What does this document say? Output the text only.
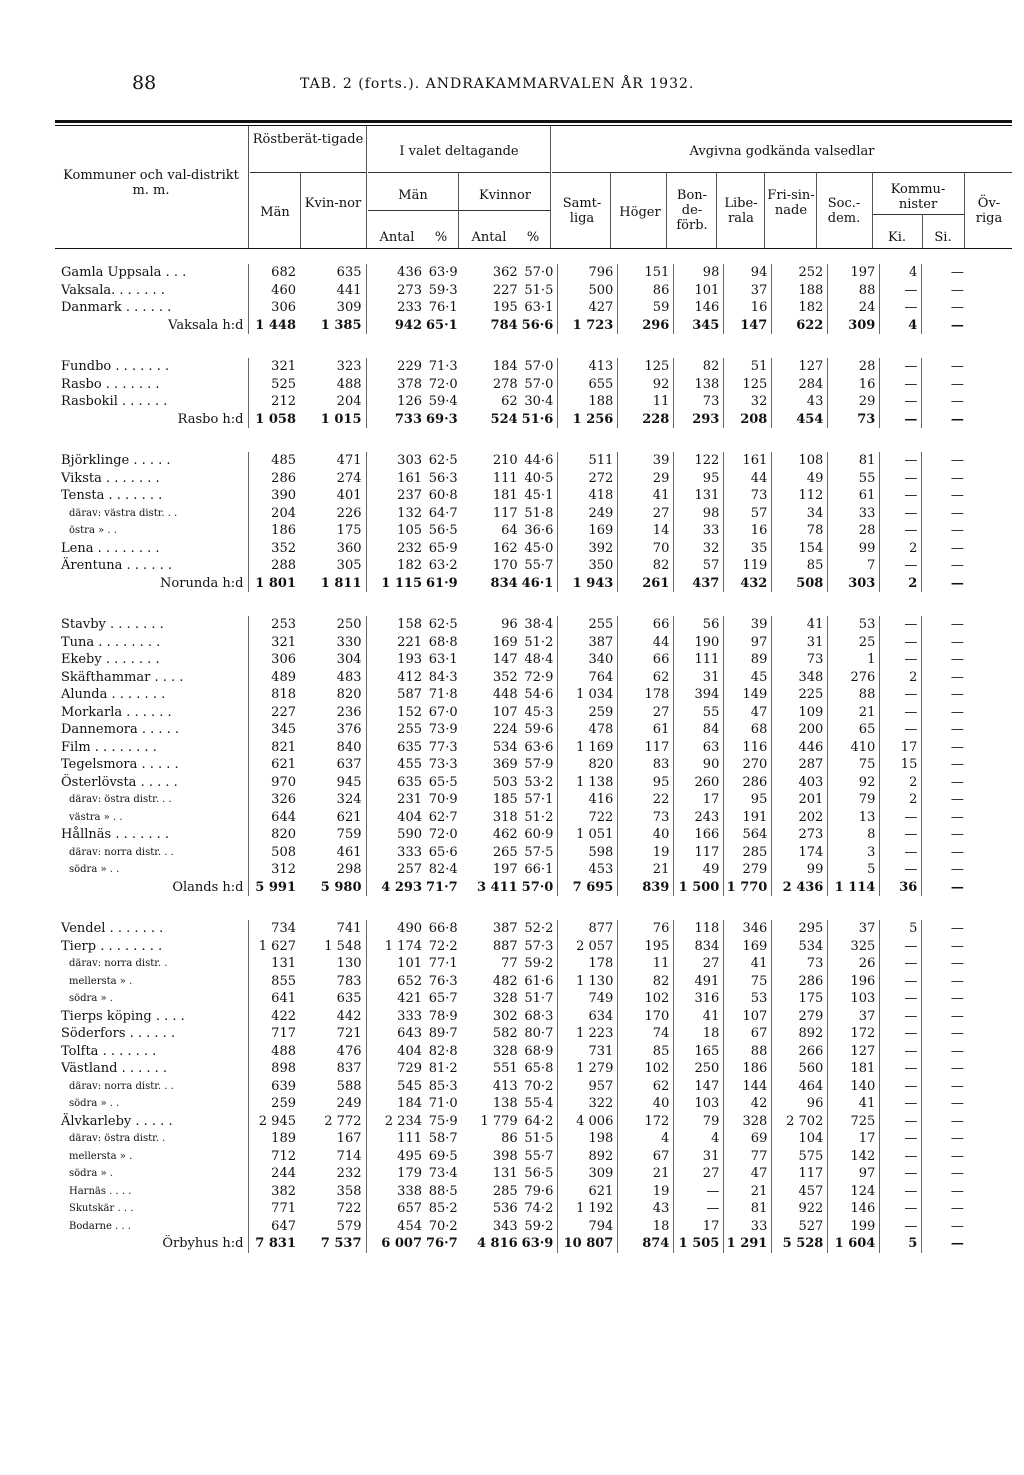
88	TAB. 2 (forts.). ANDRAKAMMARVALEN ÅR 1932.
Kommuner och val-distrikt m. m.
Röstberät-tigade
Män
Kvin-nor
I valet deltagande
Män	Kvinnor
Antal	%	Antal	%
Avgivna godkända valsedlar
Samt-liga	Höger
Bon-de-förb.
Libe-rala
Fri-sin-nade	Soc.-dem.
Kommu-nister
Ki.	Si.
Öv-riga
Gamla Uppsala . . .	682	635	436	63·9	362	57·0	796	151	98	94	252	197	4	—
Vaksala. . . . . . .	460	441	273	59·3	227	51·5	500	86	101	37	188	88	—	—
Danmark . . . . . .	306	309	233	76·1	195	63·1	427	59	146	16	182	24	—	—
Vaksala h:d	1 448	1 385	942	65·1	784	56·6	1 723	296	345	147	622	309	4	—

Fundbo . . . . . . .	321	323	229	71·3	184	57·0	413	125	82	51	127	28	—	—
Rasbo . . . . . . .	525	488	378	72·0	278	57·0	655	92	138	125	284	16	—	—
Rasbokil . . . . . .	212	204	126	59·4	62	30·4	188	11	73	32	43	29	—	—
Rasbo h:d	1 058	1 015	733	69·3	524	51·6	1 256	228	293	208	454	73	—	—

Björklinge . . . . .	485	471	303	62·5	210	44·6	511	39	122	161	108	81	—	—
Viksta . . . . . . .	286	274	161	56·3	111	40·5	272	29	95	44	49	55	—	—
Tensta . . . . . . .	390	401	237	60·8	181	45·1	418	41	131	73	112	61	—	—
därav: västra distr. . .	204	226	132	64·7	117	51·8	249	27	98	57	34	33	—	—
östra » . .	186	175	105	56·5	64	36·6	169	14	33	16	78	28	—	—
Lena . . . . . . . .	352	360	232	65·9	162	45·0	392	70	32	35	154	99	2	—
Ärentuna . . . . . .	288	305	182	63·2	170	55·7	350	82	57	119	85	7	—	—
Norunda h:d	1 801	1 811	1 115	61·9	834	46·1	1 943	261	437	432	508	303	2	—

Stavby . . . . . . .	253	250	158	62·5	96	38·4	255	66	56	39	41	53	—	—
Tuna . . . . . . . .	321	330	221	68·8	169	51·2	387	44	190	97	31	25	—	—
Ekeby . . . . . . .	306	304	193	63·1	147	48·4	340	66	111	89	73	1	—	—
Skäfthammar . . . .	489	483	412	84·3	352	72·9	764	62	31	45	348	276	2	—
Alunda . . . . . . .	818	820	587	71·8	448	54·6	1 034	178	394	149	225	88	—	—
Morkarla . . . . . .	227	236	152	67·0	107	45·3	259	27	55	47	109	21	—	—
Dannemora . . . . .	345	376	255	73·9	224	59·6	478	61	84	68	200	65	—	—
Film . . . . . . . .	821	840	635	77·3	534	63·6	1 169	117	63	116	446	410	17	—
Tegelsmora . . . . .	621	637	455	73·3	369	57·9	820	83	90	270	287	75	15	—
Österlövsta . . . . .	970	945	635	65·5	503	53·2	1 138	95	260	286	403	92	2	—
därav: östra distr. . .	326	324	231	70·9	185	57·1	416	22	17	95	201	79	2	—
västra » . .	644	621	404	62·7	318	51·2	722	73	243	191	202	13	—	—
Hållnäs . . . . . . .	820	759	590	72·0	462	60·9	1 051	40	166	564	273	8	—	—
därav: norra distr. . .	508	461	333	65·6	265	57·5	598	19	117	285	174	3	—	—
södra » . .	312	298	257	82·4	197	66·1	453	21	49	279	99	5	—	—
Olands h:d	5 991	5 980	4 293	71·7	3 411	57·0	7 695	839	1 500	1 770	2 436	1 114	36	—

Vendel . . . . . . .	734	741	490	66·8	387	52·2	877	76	118	346	295	37	5	—
Tierp . . . . . . . .	1 627	1 548	1 174	72·2	887	57·3	2 057	195	834	169	534	325	—	—
därav: norra distr. .	131	130	101	77·1	77	59·2	178	11	27	41	73	26	—	—
mellersta » .	855	783	652	76·3	482	61·6	1 130	82	491	75	286	196	—	—
södra » .	641	635	421	65·7	328	51·7	749	102	316	53	175	103	—	—
Tierps köping . . . .	422	442	333	78·9	302	68·3	634	170	41	107	279	37	—	—
Söderfors . . . . . .	717	721	643	89·7	582	80·7	1 223	74	18	67	892	172	—	—
Tolfta . . . . . . .	488	476	404	82·8	328	68·9	731	85	165	88	266	127	—	—
Västland . . . . . .	898	837	729	81·2	551	65·8	1 279	102	250	186	560	181	—	—
därav: norra distr. . .	639	588	545	85·3	413	70·2	957	62	147	144	464	140	—	—
södra » . .	259	249	184	71·0	138	55·4	322	40	103	42	96	41	—	—
Älvkarleby . . . . .	2 945	2 772	2 234	75·9	1 779	64·2	4 006	172	79	328	2 702	725	—	—
därav: östra distr. .	189	167	111	58·7	86	51·5	198	4	4	69	104	17	—	—
mellersta » .	712	714	495	69·5	398	55·7	892	67	31	77	575	142	—	—
södra » .	244	232	179	73·4	131	56·5	309	21	27	47	117	97	—	—
Harnäs . . . .	382	358	338	88·5	285	79·6	621	19	—	21	457	124	—	—
Skutskär . . .	771	722	657	85·2	536	74·2	1 192	43	—	81	922	146	—	—
Bodarne . . .	647	579	454	70·2	343	59·2	794	18	17	33	527	199	—	—
Örbyhus h:d	7 831	7 537	6 007	76·7	4 816	63·9	10 807	874	1 505	1 291	5 528	1 604	5	—
